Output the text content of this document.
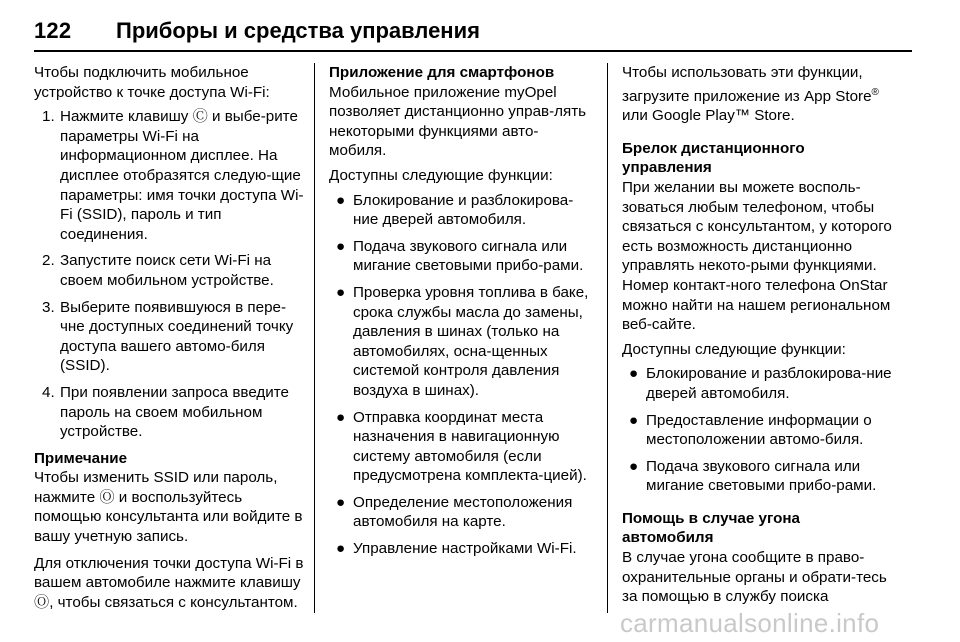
122 Приборы и средства управления

Чтобы подключить мобильное устройство к точке доступа Wi-Fi:

1. Нажмите клавишу Ⓒ и выбе-рите параметры Wi-Fi на информационном дисплее. На дисплее отобразятся следую-щие параметры: имя точки доступа Wi-Fi (SSID), пароль и тип соединения.
2. Запустите поиск сети Wi-Fi на своем мобильном устройстве.
3. Выберите появившуюся в пере-чне доступных соединений точку доступа вашего автомо-биля (SSID).
4. При появлении запроса введите пароль на своем мобильном устройстве.
Примечание
Чтобы изменить SSID или пароль, нажмите Ⓞ и воспользуйтесь помощью консультанта или войдите в вашу учетную запись.

Для отключения точки доступа Wi-Fi в вашем автомобиле нажмите клавишу Ⓞ, чтобы связаться с консультантом.

Приложение для смартфонов

Мобильное приложение myOpel позволяет дистанционно управ-лять некоторыми функциями авто-мобиля.

Доступны следующие функции:

● Блокирование и разблокирова-ние дверей автомобиля.
● Подача звукового сигнала или мигание световыми прибо-рами.
● Проверка уровня топлива в баке, срока службы масла до замены, давления в шинах (только на автомобилях, осна-щенных системой контроля давления воздуха в шинах).
● Отправка координат места назначения в навигационную систему автомобиля (если предусмотрена комплекта-цией).
● Определение местоположения автомобиля на карте.
● Управление настройками Wi-Fi.

Чтобы использовать эти функции, загрузите приложение из App Store® или Google Play™ Store.

Брелок дистанционного управления

При желании вы можете восполь-зоваться любым телефоном, чтобы связаться с консультантом, у которого есть возможность дистанционно управлять некото-рыми функциями. Номер контакт-ного телефона OnStar можно найти на нашем региональном веб-сайте.

Доступны следующие функции:

● Блокирование и разблокирова-ние дверей автомобиля.
● Предоставление информации о местоположении автомо-биля.
● Подача звукового сигнала или мигание световыми прибо-рами.
Помощь в случае угона автомобиля

В случае угона сообщите в право-охранительные органы и обрати-тесь за помощью в службу поиска

carmanualsonline.info
